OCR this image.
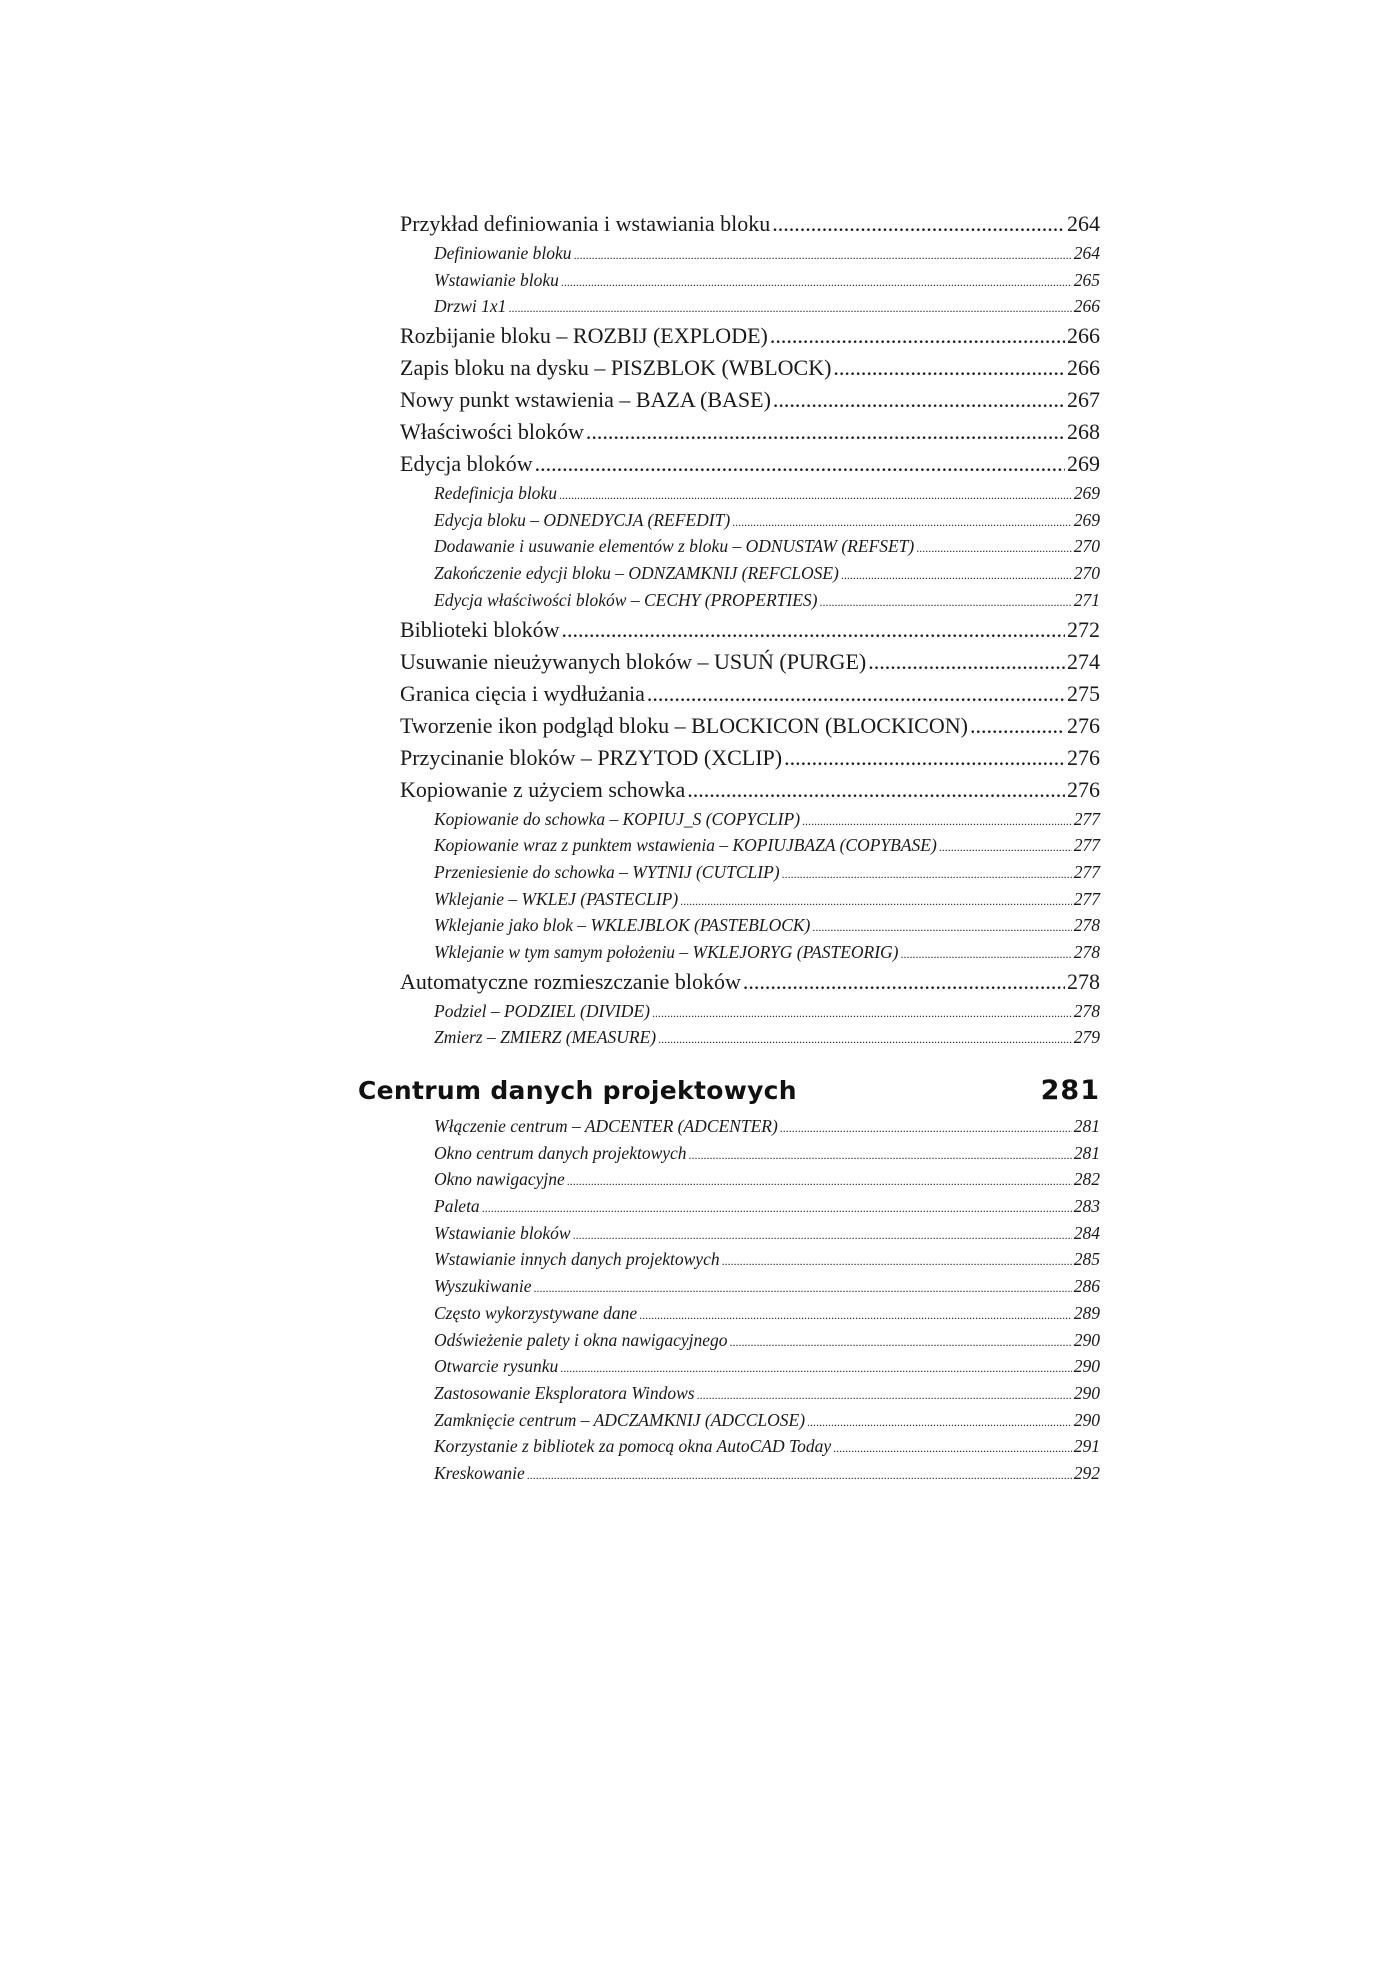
Przykład definiowania i wstawiania bloku .....	264
Definiowanie bloku .....	264
Wstawianie bloku .....	265
Drzwi 1x1 .....	266
Rozbijanie bloku – ROZBIJ (EXPLODE) .....	266
Zapis bloku na dysku – PISZBLOK (WBLOCK) .....	266
Nowy punkt wstawienia – BAZA (BASE) .....	267
Właściwości bloków .....	268
Edycja bloków .....	269
Redefinicja bloku .....	269
Edycja bloku – ODNEDYCJA (REFEDIT) .....	269
Dodawanie i usuwanie elementów z bloku – ODNUSTAW (REFSET) .....	270
Zakończenie edycji bloku – ODNZAMKNIJ (REFCLOSE) .....	270
Edycja właściwości bloków – CECHY (PROPERTIES) .....	271
Biblioteki bloków .....	272
Usuwanie nieużywanych bloków – USUŃ (PURGE) .....	274
Granica cięcia i wydłużania .....	275
Tworzenie ikon podgląd bloku – BLOCKICON (BLOCKICON) .....	276
Przycinanie bloków – PRZYTOD (XCLIP) .....	276
Kopiowanie z użyciem schowka .....	276
Kopiowanie do schowka – KOPIUJ_S (COPYCLIP) .....	277
Kopiowanie wraz z punktem wstawienia – KOPIUJBAZA (COPYBASE) .....	277
Przeniesienie do schowka – WYTNIJ (CUTCLIP) .....	277
Wklejanie – WKLEJ (PASTECLIP) .....	277
Wklejanie jako blok – WKLEJBLOK (PASTEBLOCK) .....	278
Wklejanie w tym samym położeniu – WKLEJORYG (PASTEORIG) .....	278
Automatyczne rozmieszczanie bloków .....	278
Podziel – PODZIEL (DIVIDE) .....	278
Zmierz – ZMIERZ (MEASURE) .....	279
Centrum danych projektowych	281
Włączenie centrum – ADCENTER (ADCENTER) .....	281
Okno centrum danych projektowych .....	281
Okno nawigacyjne .....	282
Paleta .....	283
Wstawianie bloków .....	284
Wstawianie innych danych projektowych .....	285
Wyszukiwanie .....	286
Często wykorzystywane dane .....	289
Odświeżenie palety i okna nawigacyjnego .....	290
Otwarcie rysunku .....	290
Zastosowanie Eksploratora Windows .....	290
Zamknięcie centrum – ADCZAMKNIJ (ADCCLOSE) .....	290
Korzystanie z bibliotek za pomocą okna AutoCAD Today .....	291
Kreskowanie .....	292
